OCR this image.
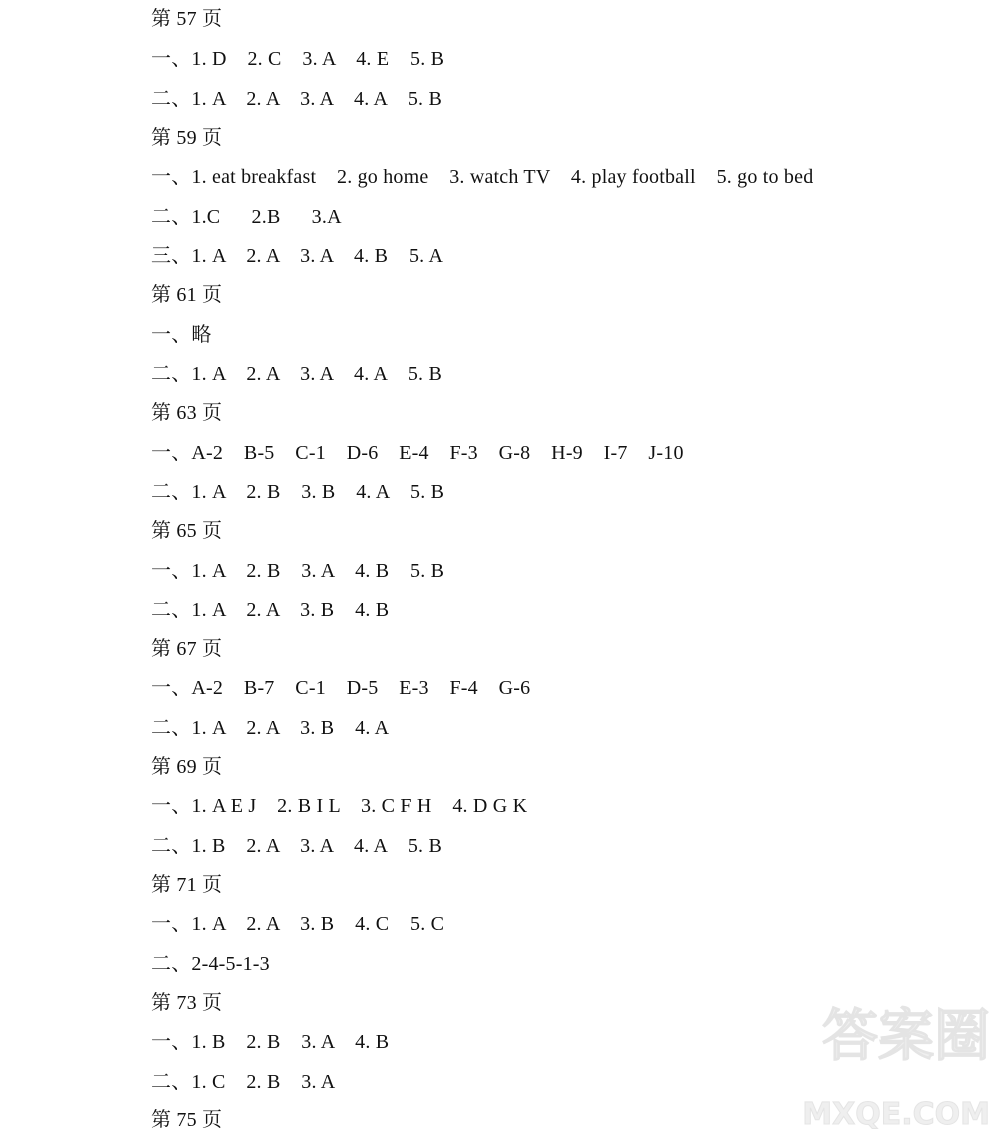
第 57 页
一、1. D    2. C    3. A    4. E    5. B
二、1. A    2. A    3. A    4. A    5. B
第 59 页
一、1. eat breakfast    2. go home    3. watch TV    4. play football    5. go to bed
二、1.C      2.B      3.A
三、1. A    2. A    3. A    4. B    5. A
第 61 页
一、略
二、1. A    2. A    3. A    4. A    5. B
第 63 页
一、A-2    B-5    C-1    D-6    E-4    F-3    G-8    H-9    I-7    J-10
二、1. A    2. B    3. B    4. A    5. B
第 65 页
一、1. A    2. B    3. A    4. B    5. B
二、1. A    2. A    3. B    4. B
第 67 页
一、A-2    B-7    C-1    D-5    E-3    F-4    G-6
二、1. A    2. A    3. B    4. A
第 69 页
一、1. A E J    2. B I L    3. C F H    4. D G K
二、1. B    2. A    3. A    4. A    5. B
第 71 页
一、1. A    2. A    3. B    4. C    5. C
二、2-4-5-1-3
第 73 页
一、1. B    2. B    3. A    4. B
二、1. C    2. B    3. A
第 75 页
答案圈
MXQE.COM
